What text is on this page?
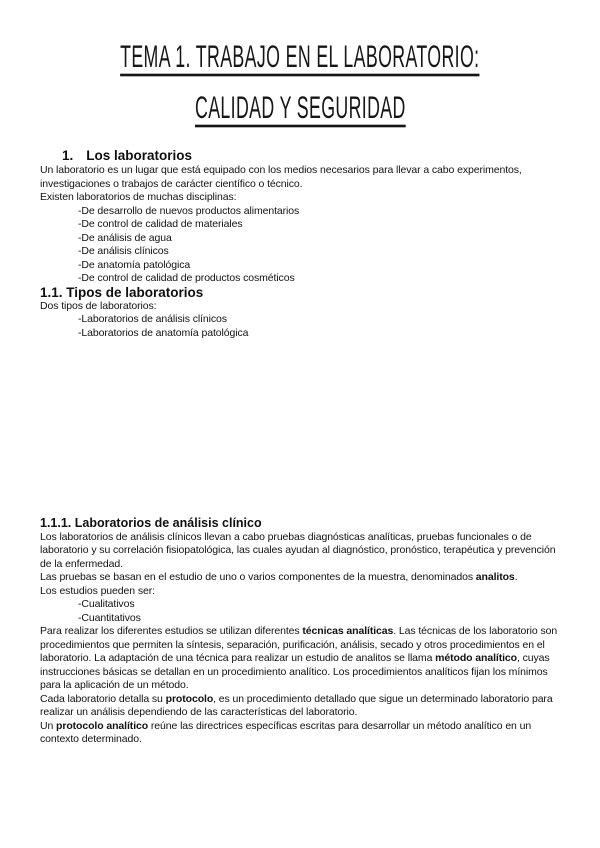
TEMA 1. TRABAJO EN EL LABORATORIO:
CALIDAD Y SEGURIDAD
1. Los laboratorios

Un laboratorio es un lugar que está equipado con los medios necesarios para llevar a cabo experimentos, investigaciones o trabajos de carácter científico o técnico.

Existen laboratorios de muchas disciplinas:

-De desarrollo de nuevos productos alimentarios
-De control de calidad de materiales
-De análisis de agua
-De análisis clínicos
-De anatomía patológica
-De control de calidad de productos cosméticos
1.1. Tipos de laboratorios

Dos tipos de laboratorios:

-Laboratorios de análisis clínicos
-Laboratorios de anatomía patológica
1.1.1. Laboratorios de análisis clínico

Los laboratorios de análisis clínicos llevan a cabo pruebas diagnósticas analíticas, pruebas funcionales o de laboratorio y su correlación fisiopatológica, las cuales ayudan al diagnóstico, pronóstico, terapéutica y prevención de la enfermedad.

Las pruebas se basan en el estudio de uno o varios componentes de la muestra, denominados analitos.

Los estudios pueden ser:

-Cualitativos
-Cuantitativos

Para realizar los diferentes estudios se utilizan diferentes técnicas analíticas. Las técnicas de los laboratorio son procedimientos que permiten la síntesis, separación, purificación, análisis, secado y otros procedimientos en el laboratorio. La adaptación de una técnica para realizar un estudio de analitos se llama método analítico, cuyas instrucciones básicas se detallan en un procedimiento analítico. Los procedimientos analíticos fijan los mínimos para la aplicación de un método.

Cada laboratorio detalla su protocolo, es un procedimiento detallado que sigue un determinado laboratorio para realizar un análisis dependiendo de las características del laboratorio.

Un protocolo analítico reúne las directrices específicas escritas para desarrollar un método analítico en un contexto determinado.
